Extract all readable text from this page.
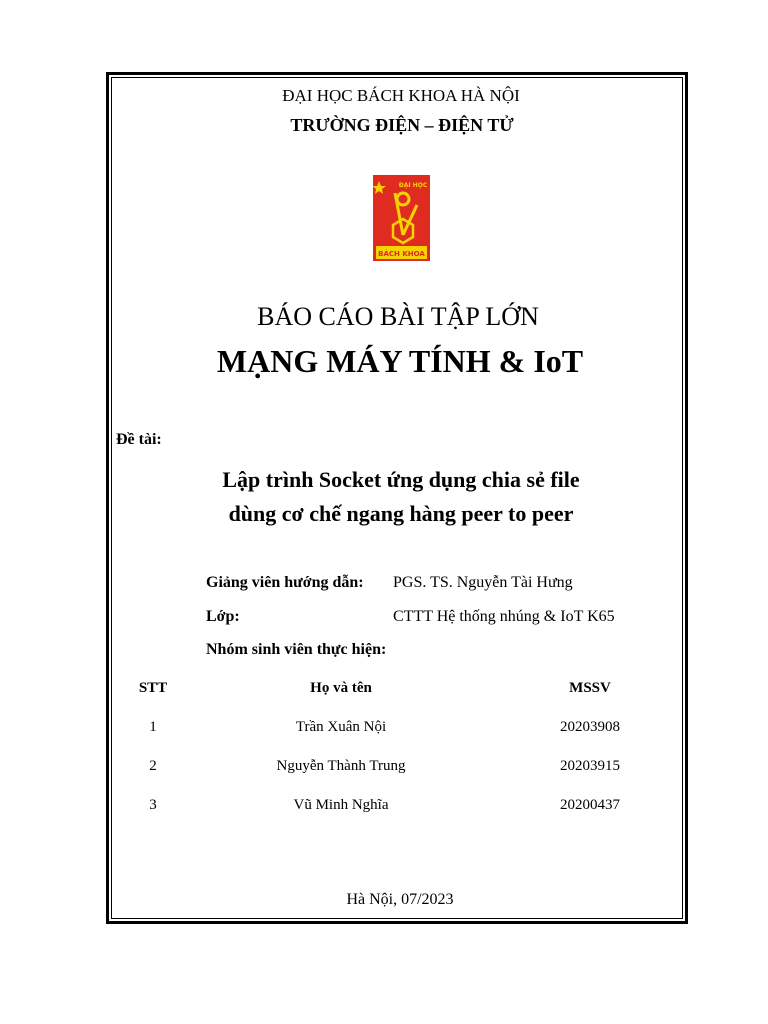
ĐẠI HỌC BÁCH KHOA HÀ NỘI
TRƯỜNG ĐIỆN – ĐIỆN TỬ
ĐẠI HỌC
BÁCH KHOA
BÁO CÁO BÀI TẬP LỚN
MẠNG MÁY TÍNH & IoT
Đề tài:
Lập trình Socket ứng dụng chia sẻ file
dùng cơ chế ngang hàng peer to peer
Giảng viên hướng dẫn: PGS. TS. Nguyễn Tài Hưng
Lớp:	CTTT Hệ thống nhúng & IoT K65
Nhóm sinh viên thực hiện:
STT	Họ và tên	MSSV
1	Trần Xuân Nội	20203908
2	Nguyễn Thành Trung	20203915
3	Vũ Minh Nghĩa	20200437
Hà Nội, 07/2023
